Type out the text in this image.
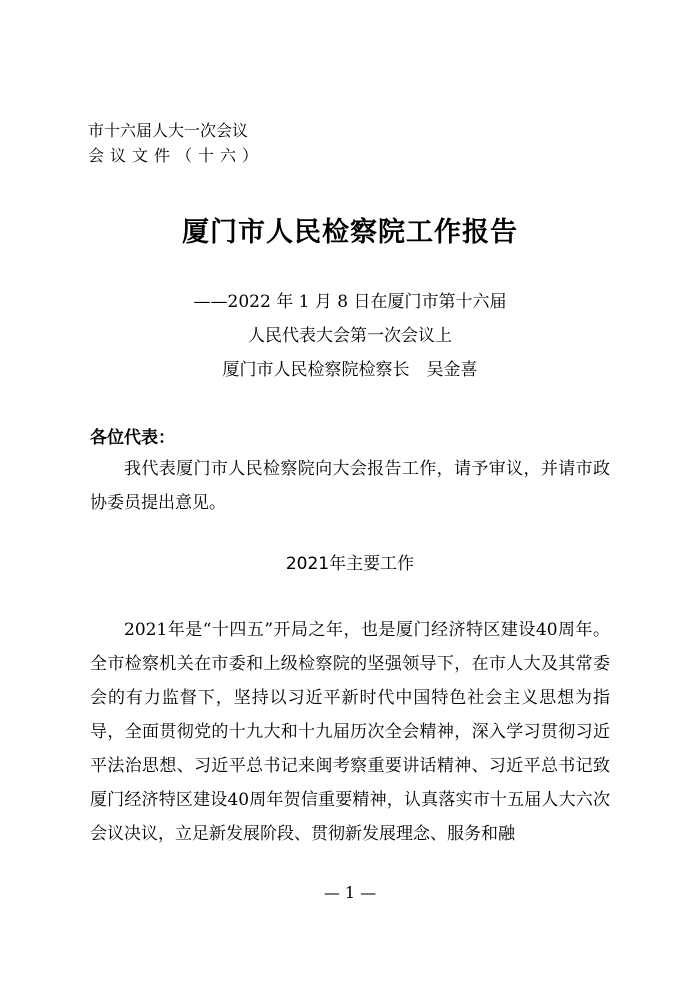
市十六届人大一次会议
会议文件（十六）
厦门市人民检察院工作报告
——2022 年 1 月 8 日在厦门市第十六届
人民代表大会第一次会议上
厦门市人民检察院检察长　吴金喜
各位代表：

我代表厦门市人民检察院向大会报告工作，请予审议，并请市政协委员提出意见。

2021年主要工作

2021年是“十四五”开局之年，也是厦门经济特区建设40周年。全市检察机关在市委和上级检察院的坚强领导下，在市人大及其常委会的有力监督下，坚持以习近平新时代中国特色社会主义思想为指导，全面贯彻党的十九大和十九届历次全会精神，深入学习贯彻习近平法治思想、习近平总书记来闽考察重要讲话精神、习近平总书记致厦门经济特区建设40周年贺信重要精神，认真落实市十五届人大六次会议决议，立足新发展阶段、贯彻新发展理念、服务和融

— 1 —
